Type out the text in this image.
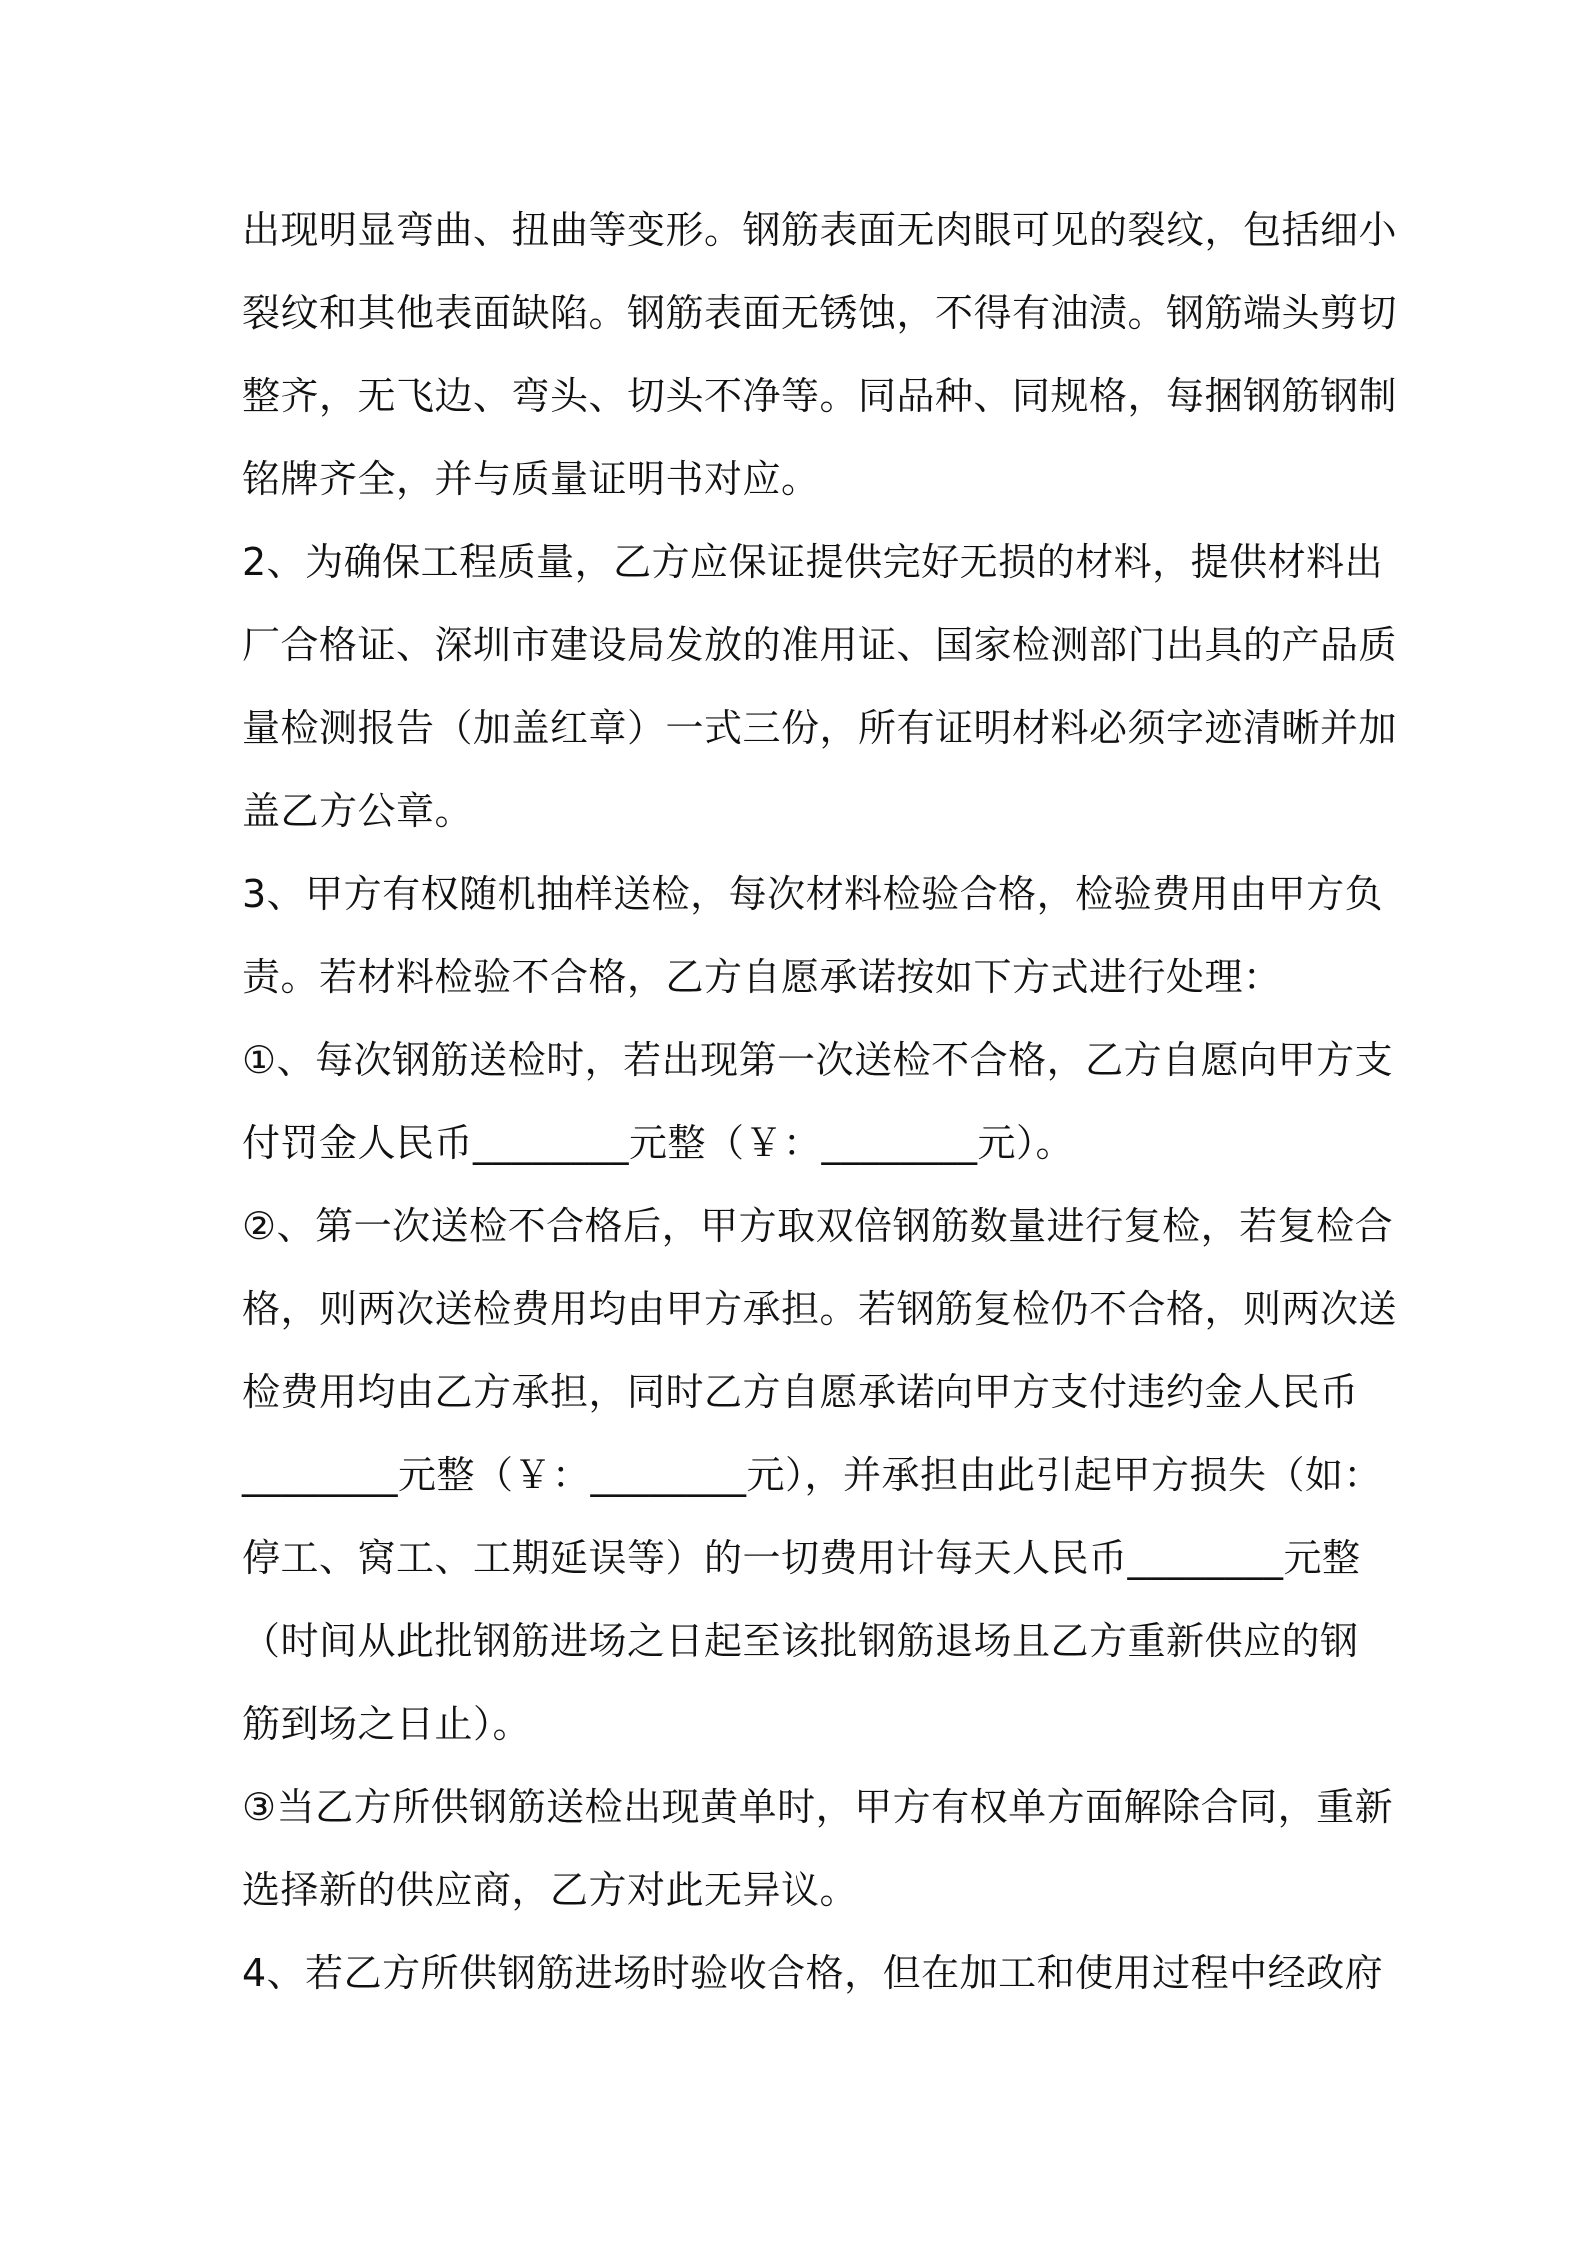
出现明显弯曲、扭曲等变形。钢筋表面无肉眼可见的裂纹，包括细小
裂纹和其他表面缺陷。钢筋表面无锈蚀，不得有油渍。钢筋端头剪切
整齐，无飞边、弯头、切头不净等。同品种、同规格，每捆钢筋钢制
铭牌齐全，并与质量证明书对应。
2、为确保工程质量，乙方应保证提供完好无损的材料，提供材料出
厂合格证、深圳市建设局发放的准用证、国家检测部门出具的产品质
量检测报告（加盖红章）一式三份，所有证明材料必须字迹清晰并加
盖乙方公章。
3、甲方有权随机抽样送检，每次材料检验合格，检验费用由甲方负
责。若材料检验不合格，乙方自愿承诺按如下方式进行处理：
①、每次钢筋送检时，若出现第一次送检不合格，乙方自愿向甲方支
付罚金人民币________元整（￥：________元）。
②、第一次送检不合格后，甲方取双倍钢筋数量进行复检，若复检合
格，则两次送检费用均由甲方承担。若钢筋复检仍不合格，则两次送
检费用均由乙方承担，同时乙方自愿承诺向甲方支付违约金人民币
________元整（￥：________元），并承担由此引起甲方损失（如：
停工、窝工、工期延误等）的一切费用计每天人民币________元整
（时间从此批钢筋进场之日起至该批钢筋退场且乙方重新供应的钢
筋到场之日止）。
③当乙方所供钢筋送检出现黄单时，甲方有权单方面解除合同，重新
选择新的供应商，乙方对此无异议。
4、若乙方所供钢筋进场时验收合格，但在加工和使用过程中经政府
